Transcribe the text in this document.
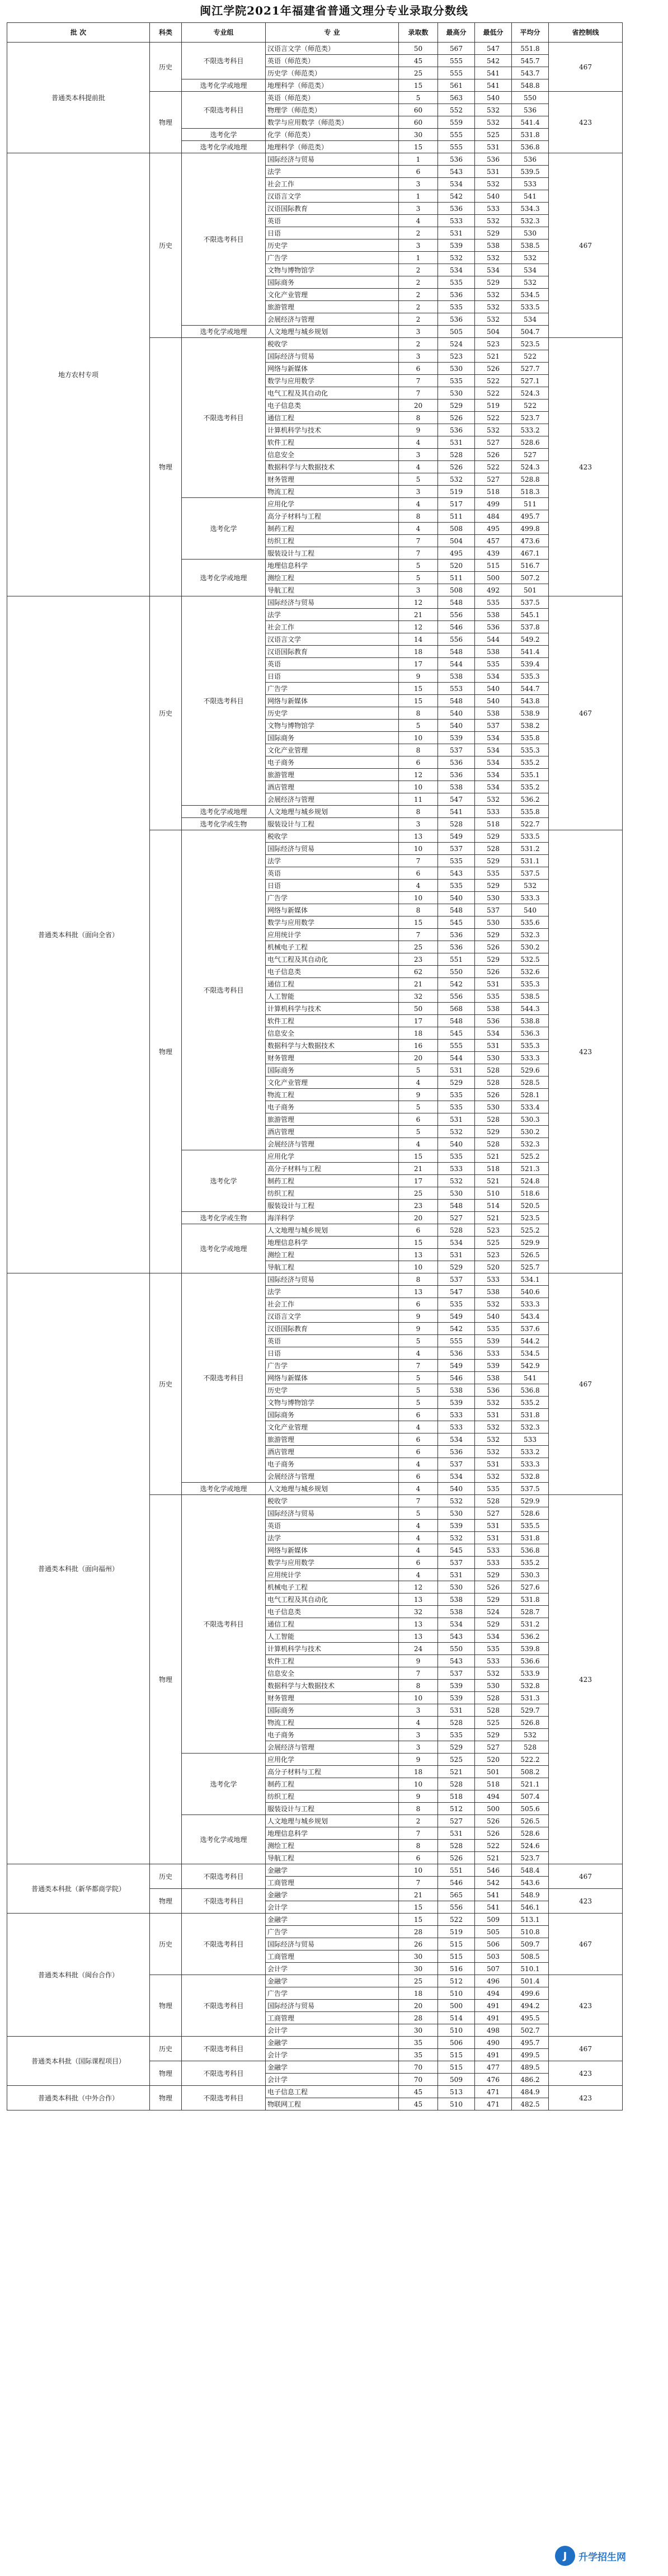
闽江学院2021年福建省普通文理分专业录取分数线
批 次	科类	专业组	专 业	录取数	最高分	最低分	平均分	省控制线
普通类本科提前批	历史	不限选考科目	汉语言文学（师范类）	50	567	547	551.8	467
			英语（师范类）	45	555	542	545.7	
			历史学（师范类）	25	555	541	543.7	
		选考化学或地理	地理科学（师范类）	15	561	541	548.8	
	物理	不限选考科目	英语（师范类）	5	563	540	550	423
			物理学（师范类）	60	552	532	536	
			数学与应用数学（师范类）	60	559	532	541.4	
		选考化学	化学（师范类）	30	555	525	531.8	
		选考化学或地理	地理科学（师范类）	15	555	531	536.8	
地方农村专项	历史	不限选考科目	国际经济与贸易	1	536	536	536	467
			法学	6	543	531	539.5	
			社会工作	3	534	532	533	
			汉语言文学	1	542	540	541	
			汉语国际教育	3	536	533	534.3	
			英语	4	533	532	532.3	
			日语	2	531	529	530	
			历史学	3	539	538	538.5	
			广告学	1	532	532	532	
			文物与博物馆学	2	534	534	534	
			国际商务	2	535	529	532	
			文化产业管理	2	536	532	534.5	
			旅游管理	2	535	532	533.5	
			会展经济与管理	2	536	532	534	
		选考化学或地理	人文地理与城乡规划	3	505	504	504.7	
	物理	不限选考科目	税收学	2	524	523	523.5	423
			国际经济与贸易	3	523	521	522	
			网络与新媒体	6	530	526	527.7	
			数学与应用数学	7	535	522	527.1	
			电气工程及其自动化	7	530	522	524.3	
			电子信息类	20	529	519	522	
			通信工程	8	526	522	523.7	
			计算机科学与技术	9	536	532	533.2	
			软件工程	4	531	527	528.6	
			信息安全	3	528	526	527	
			数据科学与大数据技术	4	526	522	524.3	
			财务管理	5	532	527	528.8	
			物流工程	3	519	518	518.3	
		选考化学	应用化学	4	517	499	511	
			高分子材料与工程	8	511	484	495.7	
			制药工程	4	508	495	499.8	
			纺织工程	7	504	457	473.6	
			服装设计与工程	7	495	439	467.1	
		选考化学或地理	地理信息科学	5	520	515	516.7	
			测绘工程	5	511	500	507.2	
			导航工程	3	508	492	501	
普通类本科批（面向全省）	历史	不限选考科目	国际经济与贸易	12	548	535	537.5	467
			法学	21	556	538	545.1	
			社会工作	12	546	536	537.8	
			汉语言文学	14	556	544	549.2	
			汉语国际教育	18	548	538	541.4	
			英语	17	544	535	539.4	
			日语	9	538	534	535.3	
			广告学	15	553	540	544.7	
			网络与新媒体	15	548	540	543.8	
			历史学	8	540	538	538.9	
			文物与博物馆学	5	540	537	538.2	
			国际商务	10	539	534	535.8	
			文化产业管理	8	537	534	535.3	
			电子商务	6	536	534	535.2	
			旅游管理	12	536	534	535.1	
			酒店管理	10	538	534	535.2	
			会展经济与管理	11	547	532	536.2	
		选考化学或地理	人文地理与城乡规划	8	541	533	535.8	
		选考化学或生物	服装设计与工程	3	528	518	522.7	
	物理	不限选考科目	税收学	13	549	529	533.5	423
			国际经济与贸易	10	537	528	531.2	
			法学	7	535	529	531.1	
			英语	6	543	535	537.5	
			日语	4	535	529	532	
			广告学	10	540	530	533.3	
			网络与新媒体	8	548	537	540	
			数学与应用数学	15	545	530	535.6	
			应用统计学	7	536	529	532.3	
			机械电子工程	25	536	526	530.2	
			电气工程及其自动化	23	551	529	532.5	
			电子信息类	62	550	526	532.6	
			通信工程	21	542	531	535.3	
			人工智能	32	556	535	538.5	
			计算机科学与技术	50	568	538	544.3	
			软件工程	17	548	536	538.8	
			信息安全	18	545	534	536.3	
			数据科学与大数据技术	16	555	531	535.3	
			财务管理	20	544	530	533.3	
			国际商务	5	531	528	529.6	
			文化产业管理	4	529	528	528.5	
			物流工程	9	535	526	528.1	
			电子商务	5	535	530	533.4	
			旅游管理	6	531	528	530.3	
			酒店管理	5	532	529	530.2	
			会展经济与管理	4	540	528	532.3	
		选考化学	应用化学	15	535	521	525.2	
			高分子材料与工程	21	533	518	521.3	
			制药工程	17	532	521	524.8	
			纺织工程	25	530	510	518.6	
			服装设计与工程	23	548	514	520.5	
		选考化学或生物	海洋科学	20	527	521	523.5	
		选考化学或地理	人文地理与城乡规划	6	528	523	525.2	
			地理信息科学	15	534	525	529.9	
			测绘工程	13	531	523	526.5	
			导航工程	10	529	520	525.7	
普通类本科批（面向福州）	历史	不限选考科目	国际经济与贸易	8	537	533	534.1	467
			法学	13	547	538	540.6	
			社会工作	6	535	532	533.3	
			汉语言文学	9	549	540	543.4	
			汉语国际教育	9	542	535	537.6	
			英语	5	555	539	544.2	
			日语	4	536	533	534.5	
			广告学	7	549	539	542.9	
			网络与新媒体	5	546	538	541	
			历史学	5	538	536	536.8	
			文物与博物馆学	5	539	532	535.2	
			国际商务	6	533	531	531.8	
			文化产业管理	4	533	532	532.3	
			旅游管理	6	534	532	533	
			酒店管理	6	536	532	533.2	
			电子商务	4	537	531	533.3	
			会展经济与管理	6	534	532	532.8	
		选考化学或地理	人文地理与城乡规划	4	540	535	537.5	
	物理	不限选考科目	税收学	7	532	528	529.9	423
			国际经济与贸易	5	530	527	528.6	
			英语	4	539	531	535.5	
			法学	4	532	531	531.8	
			网络与新媒体	4	545	533	536.8	
			数学与应用数学	6	537	533	535.2	
			应用统计学	4	531	529	530.3	
			机械电子工程	12	530	526	527.6	
			电气工程及其自动化	13	538	529	531.8	
			电子信息类	32	538	524	528.7	
			通信工程	13	534	529	531.2	
			人工智能	13	543	534	536.2	
			计算机科学与技术	24	550	535	539.8	
			软件工程	9	543	533	536.6	
			信息安全	7	537	532	533.9	
			数据科学与大数据技术	8	539	530	532.8	
			财务管理	10	539	528	531.3	
			国际商务	3	531	528	529.7	
			物流工程	4	528	525	526.8	
			电子商务	3	535	529	532	
			会展经济与管理	3	529	527	528	
		选考化学	应用化学	9	525	520	522.2	
			高分子材料与工程	18	521	501	508.2	
			制药工程	10	528	518	521.1	
			纺织工程	9	518	494	507.4	
			服装设计与工程	8	512	500	505.6	
		选考化学或地理	人文地理与城乡规划	2	527	526	526.5	
			地理信息科学	7	531	526	528.6	
			测绘工程	8	528	522	524.6	
			导航工程	6	526	521	523.7	
普通类本科批（新华都商学院）	历史	不限选考科目	金融学	10	551	546	548.4	467
			工商管理	7	546	542	543.6	
	物理	不限选考科目	金融学	21	565	541	548.9	423
			会计学	15	556	541	546.1	
普通类本科批（闽台合作）	历史	不限选考科目	金融学	15	522	509	513.1	467
			广告学	28	519	505	510.8	
			国际经济与贸易	26	515	506	509.7	
			工商管理	30	515	503	508.5	
			会计学	30	516	507	510.1	
	物理	不限选考科目	金融学	25	512	496	501.4	423
			广告学	18	510	494	499.6	
			国际经济与贸易	20	500	491	494.2	
			工商管理	28	514	491	495.5	
			会计学	30	510	498	502.7	
普通类本科批（国际课程项目）	历史	不限选考科目	金融学	35	506	490	495.7	467
			会计学	35	515	491	499.5	
	物理	不限选考科目	金融学	70	515	477	489.5	423
			会计学	70	509	476	486.2	
普通类本科批（中外合作）	物理	不限选考科目	电子信息工程	45	513	471	484.9	423
			物联网工程	45	510	471	482.5	
J	升学招生网
